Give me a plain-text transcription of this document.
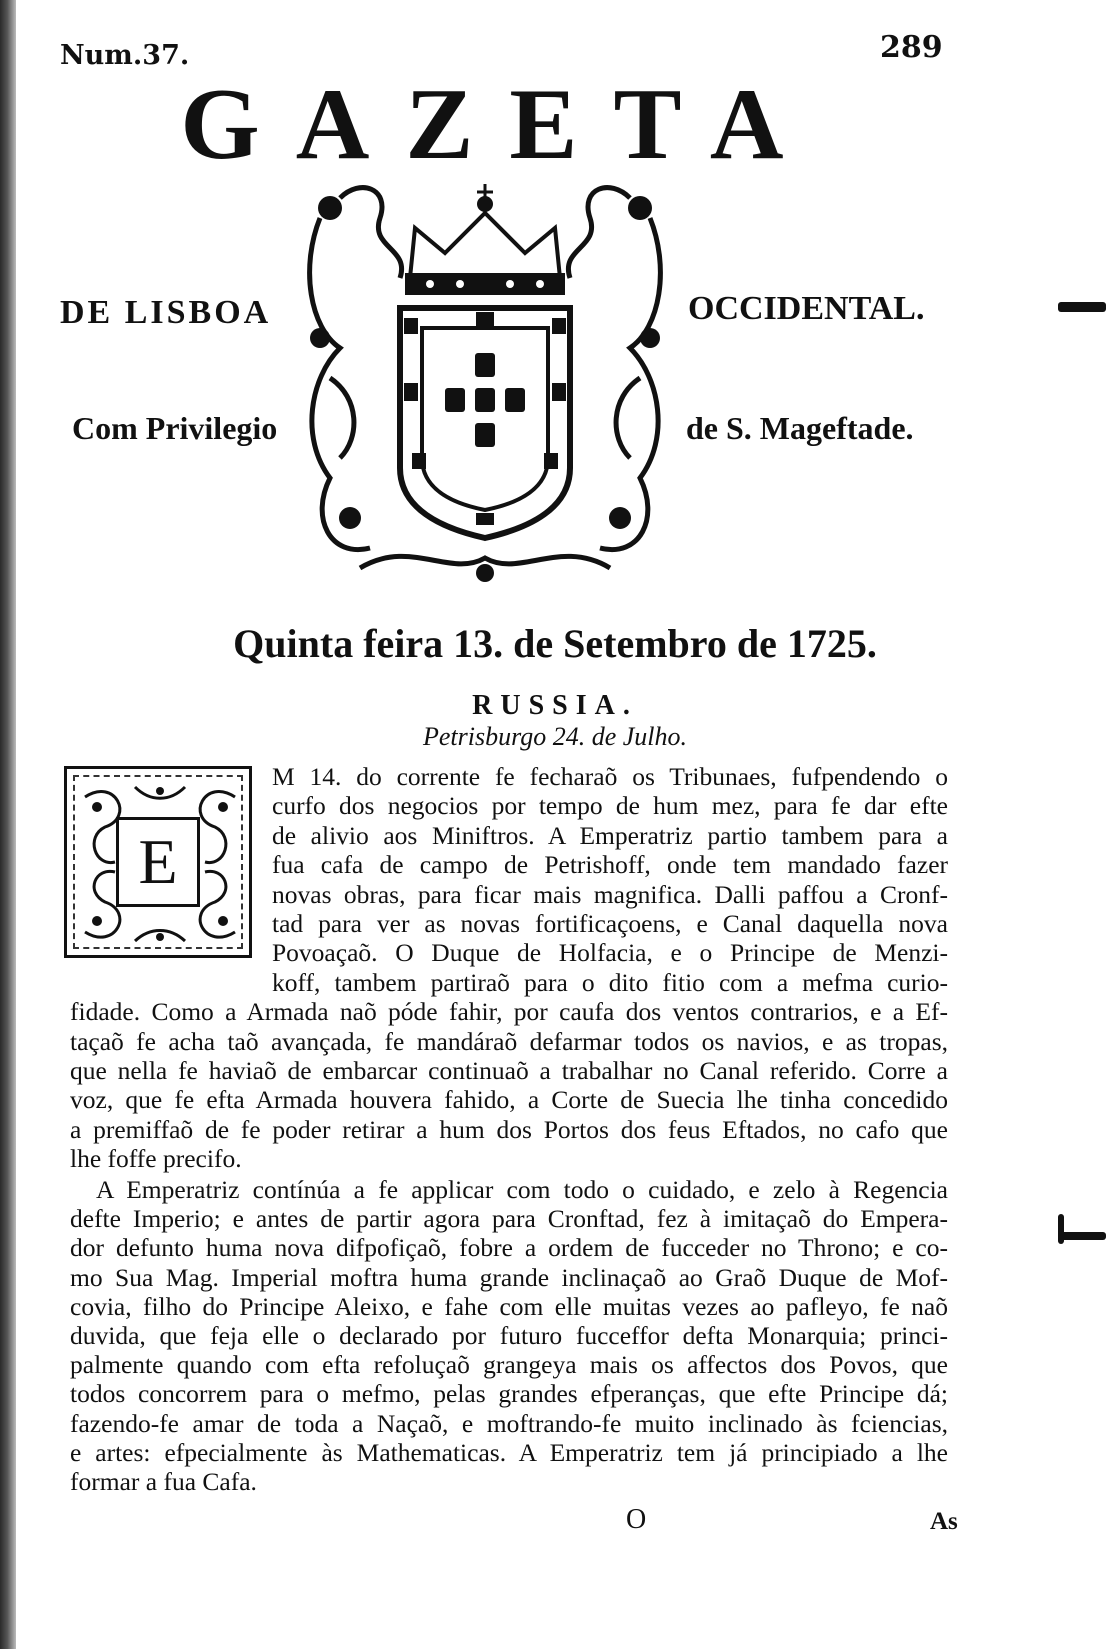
Num.37.	289
GAZETA
DE LISBOA	OCCIDENTAL.
Com Privilegio	de S. Mageftade.
Quinta feira 13. de Setembro de 1725.
RUSSIA.
Petrisburgo 24. de Julho.
E
M 14. do corrente fe fecharaõ os Tribunaes, fufpendendo o
curfo dos negocios por tempo de hum mez, para fe dar efte
de alivio aos Miniftros. A Emperatriz partio tambem para a
fua cafa de campo de Petrishoff, onde tem mandado fazer
novas obras, para ficar mais magnifica. Dalli paffou a Cronf-
tad para ver as novas fortificaçoens, e Canal daquella nova
Povoaçaõ. O Duque de Holfacia, e o Principe de Menzi-
koff, tambem partiraõ para o dito fitio com a mefma curio-
fidade. Como a Armada naõ póde fahir, por caufa dos ventos contrarios, e a Ef-
taçaõ fe acha taõ avançada, fe mandáraõ defarmar todos os navios, e as tropas,
que nella fe haviaõ de embarcar continuaõ a trabalhar no Canal referido. Corre a
voz, que fe efta Armada houvera fahido, a Corte de Suecia lhe tinha concedido
a premiffaõ de fe poder retirar a hum dos Portos dos feus Eftados, no cafo que
lhe foffe precifo.
A Emperatriz contínúa a fe applicar com todo o cuidado, e zelo à Regencia
defte Imperio; e antes de partir agora para Cronftad, fez à imitaçaõ do Empera-
dor defunto huma nova difpofiçaõ, fobre a ordem de fucceder no Throno; e co-
mo Sua Mag. Imperial moftra huma grande inclinaçaõ ao Graõ Duque de Mof-
covia, filho do Principe Aleixo, e fahe com elle muitas vezes ao pafleyo, fe naõ
duvida, que feja elle o declarado por futuro fucceffor defta Monarquia; princi-
palmente quando com efta refoluçaõ grangeya mais os affectos dos Povos, que
todos concorrem para o mefmo, pelas grandes efperanças, que efte Principe dá;
fazendo-fe amar de toda a Naçaõ, e moftrando-fe muito inclinado às fciencias,
e artes: efpecialmente às Mathematicas. A Emperatriz tem já principiado a lhe
formar a fua Cafa.
O	As
